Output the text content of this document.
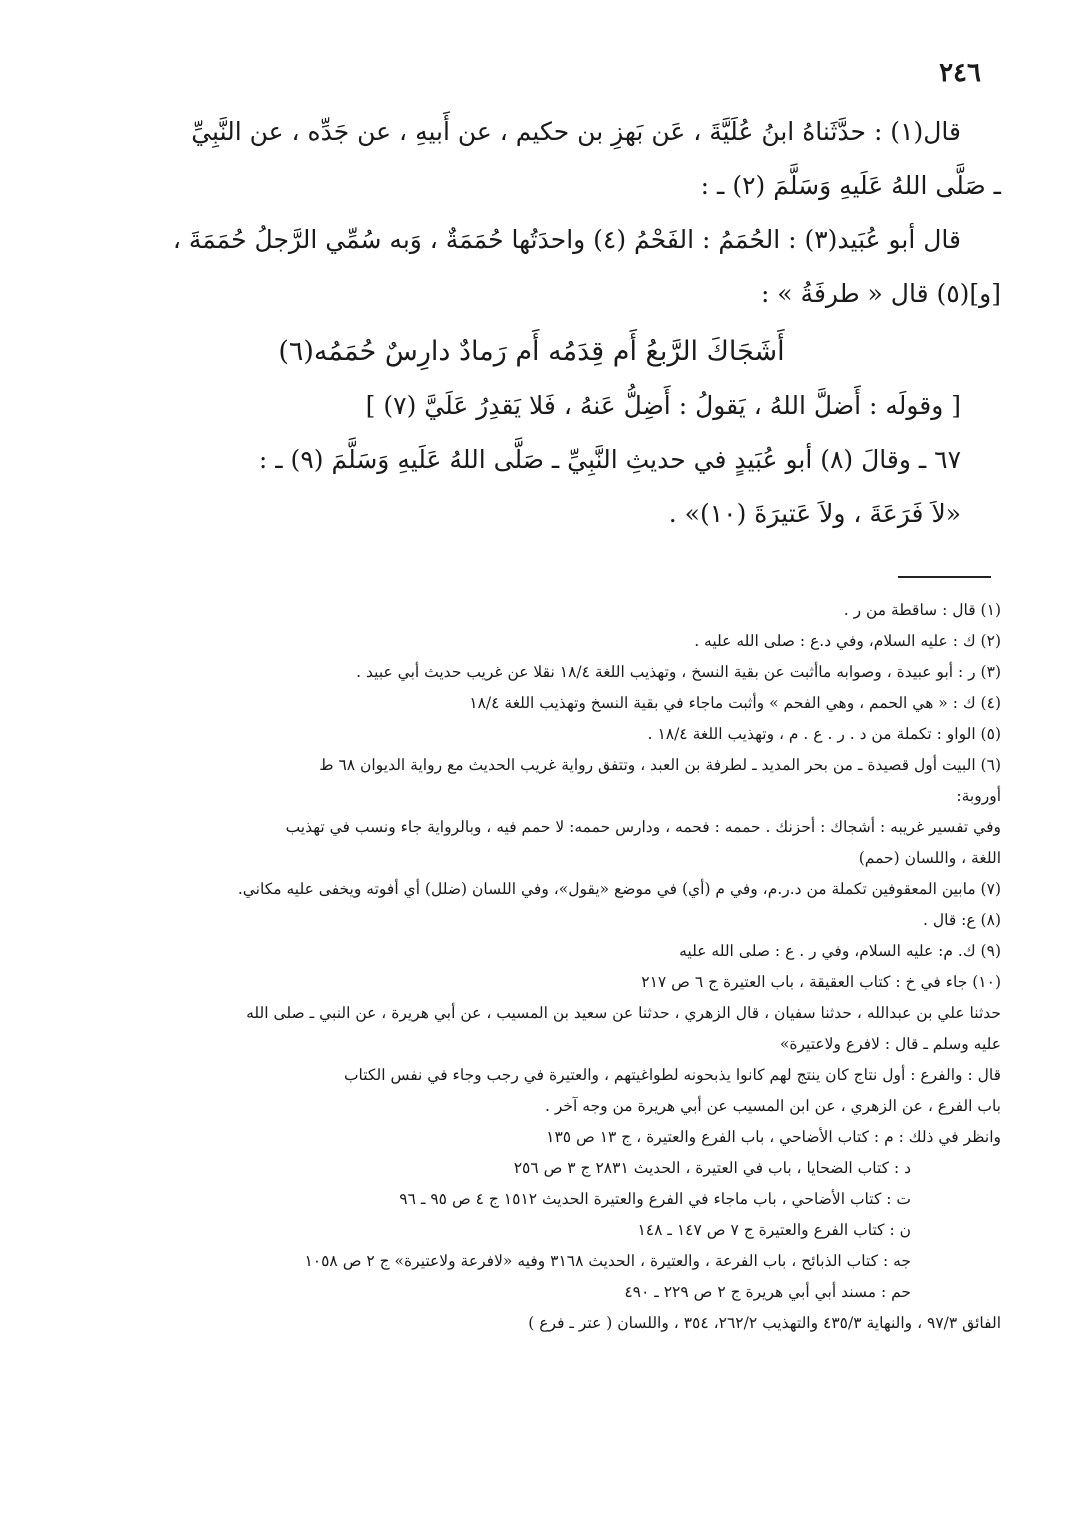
٢٤٦

قال(١) : حدَّثَناهُ ابنُ عُلَيَّةَ ، عَن بَهزِ بن حكيم ، عن أَبيهِ ، عن جَدِّه ، عن النَّبِيِّ

ـ صَلَّى اللهُ عَلَيهِ وَسَلَّمَ (٢) ـ :

قال أبو عُبَيد(٣) : الحُمَمُ : الفَحْمُ (٤) واحدَتُها حُمَمَةٌ ، وَبه سُمِّي الرَّجلُ حُمَمَةَ ،

[و](٥) قال « طرفَةُ » :

أَشَجَاكَ الرَّبعُ أَم قِدَمُه أَم رَمادٌ دارِسٌ حُمَمُه(٦)

[ وقولَه : أَضلَّ اللهُ ، يَقولُ : أَضِلُّ عَنهُ ، فَلا يَقدِرُ عَلَيَّ (٧) ]

٦٧ ـ وقالَ (٨) أبو عُبَيدٍ في حديثِ النَّبِيِّ ـ صَلَّى اللهُ عَلَيهِ وَسَلَّمَ (٩) ـ :

«لاَ فَرَعَةَ ، ولاَ عَتيرَةَ (١٠)» .

(١) قال : ساقطة من ر .

(٢) ك : عليه السلام، وفي د.ع : صلى الله عليه .

(٣) ر : أبو عبيدة ، وصوابه ماأثبت عن بقية النسخ ، وتهذيب اللغة ١٨/٤ نقلا عن غريب حديث أبي عبيد .

(٤) ك : « هي الحمم ، وهي الفحم » وأثبت ماجاء في بقية النسخ وتهذيب اللغة ١٨/٤

(٥) الواو : تكملة من د . ر . ع . م ، وتهذيب اللغة ١٨/٤ .

(٦) البيت أول قصيدة ـ من بحر المديد ـ لطرفة بن العبد ، وتتفق رواية غريب الحديث مع رواية الديوان ٦٨ ط

أوروبة:

وفي تفسير غريبه : أشجاك : أحزنك . حممه : فحمه ، ودارس حممه: لا حمم فيه ، وبالرواية جاء ونسب في تهذيب

اللغة ، واللسان (حمم)

(٧) مابين المعقوفين تكملة من د.ر.م، وفي م (أي) في موضع «يقول»، وفي اللسان (ضلل) أي أفوته ويخفى عليه مكاني.

(٨) ع: قال .

(٩) ك. م: عليه السلام، وفي ر . ع : صلى الله عليه

(١٠) جاء في خ : كتاب العقيقة ، باب العتيرة ج ٦ ص ٢١٧

حدثنا علي بن عبدالله ، حدثنا سفيان ، قال الزهري ، حدثنا عن سعيد بن المسيب ، عن أبي هريرة ، عن النبي ـ صلى الله

عليه وسلم ـ قال : لافرع ولاعتيرة»

قال : والفرع : أول نتاج كان ينتج لهم كانوا يذبحونه لطواغيتهم ، والعتيرة في رجب وجاء في نفس الكتاب

باب الفرع ، عن الزهري ، عن ابن المسيب عن أبي هريرة من وجه آخر .

وانظر في ذلك : م : كتاب الأضاحي ، باب الفرع والعتيرة ، ج ١٣ ص ١٣٥

د : كتاب الضحايا ، باب في العتيرة ، الحديث ٢٨٣١ ج ٣ ص ٢٥٦

ت : كتاب الأضاحي ، باب ماجاء في الفرع والعتيرة الحديث ١٥١٢ ج ٤ ص ٩٥ ـ ٩٦

ن : كتاب الفرع والعتيرة ج ٧ ص ١٤٧ ـ ١٤٨

جه : كتاب الذبائح ، باب الفرعة ، والعتيرة ، الحديث ٣١٦٨ وفيه «لافرعة ولاعتيرة» ج ٢ ص ١٠٥٨

حم : مسند أبي أبي هريرة ج ٢ ص ٢٢٩ ـ ٤٩٠

الفائق ٩٧/٣ ، والنهاية ٤٣٥/٣ والتهذيب ٢٦٢/٢، ٣٥٤ ، واللسان ( عتر ـ فرع )
